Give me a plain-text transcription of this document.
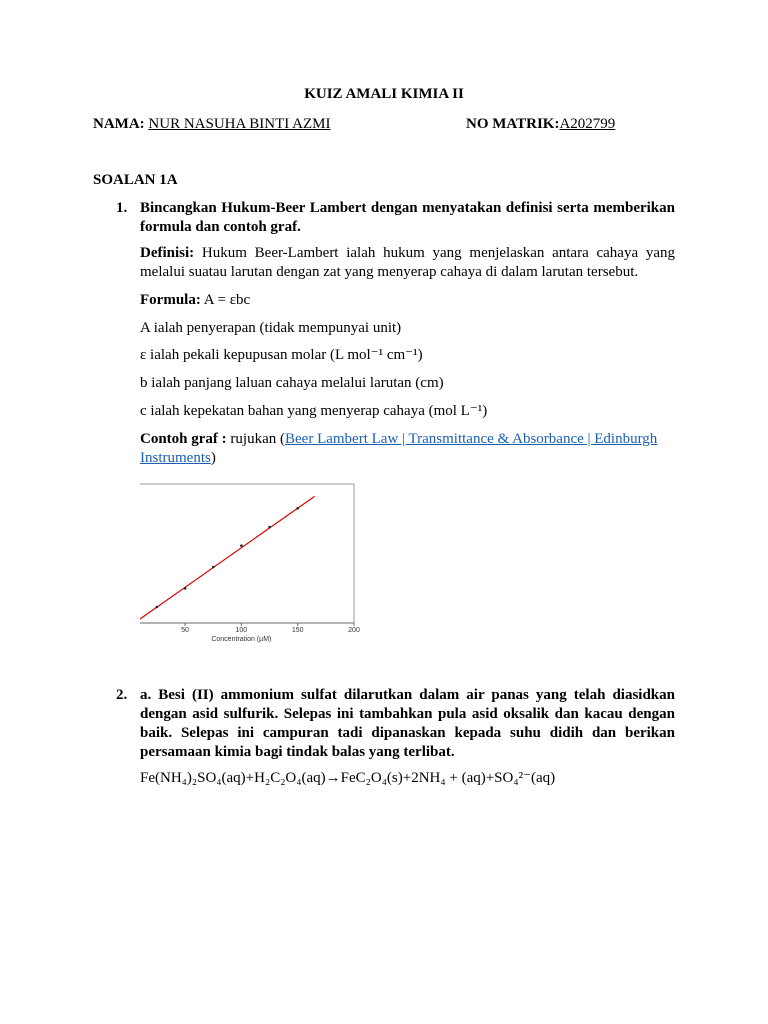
KUIZ AMALI KIMIA II
NAMA: NUR NASUHA BINTI AZMI	NO MATRIK:A202799
SOALAN 1A
1. Bincangkan Hukum-Beer Lambert dengan menyatakan definisi serta memberikan formula dan contoh graf.
Definisi: Hukum Beer-Lambert ialah hukum yang menjelaskan antara cahaya yang melalui suatau larutan dengan zat yang menyerap cahaya di dalam larutan tersebut.
Formula: A = εbc
A ialah penyerapan (tidak mempunyai unit)
ε ialah pekali kepupusan molar (L mol⁻¹ cm⁻¹)
b ialah panjang laluan cahaya melalui larutan (cm)
c ialah kepekatan bahan yang menyerap cahaya (mol L⁻¹)
Contoh graf : rujukan (Beer Lambert Law | Transmittance & Absorbance | Edinburgh Instruments)
50	100	150	200
Concentration (µM)
2. a. Besi (II) ammonium sulfat dilarutkan dalam air panas yang telah diasidkan dengan asid sulfurik. Selepas ini tambahkan pula asid oksalik dan kacau dengan baik. Selepas ini campuran tadi dipanaskan kepada suhu didih dan berikan persamaan kimia bagi tindak balas yang terlibat.
Fe(NH₄)₂SO₄(aq)+H₂C₂O₄(aq)→FeC₂O₄(s)+2NH₄ + (aq)+SO₄²⁻(aq)
